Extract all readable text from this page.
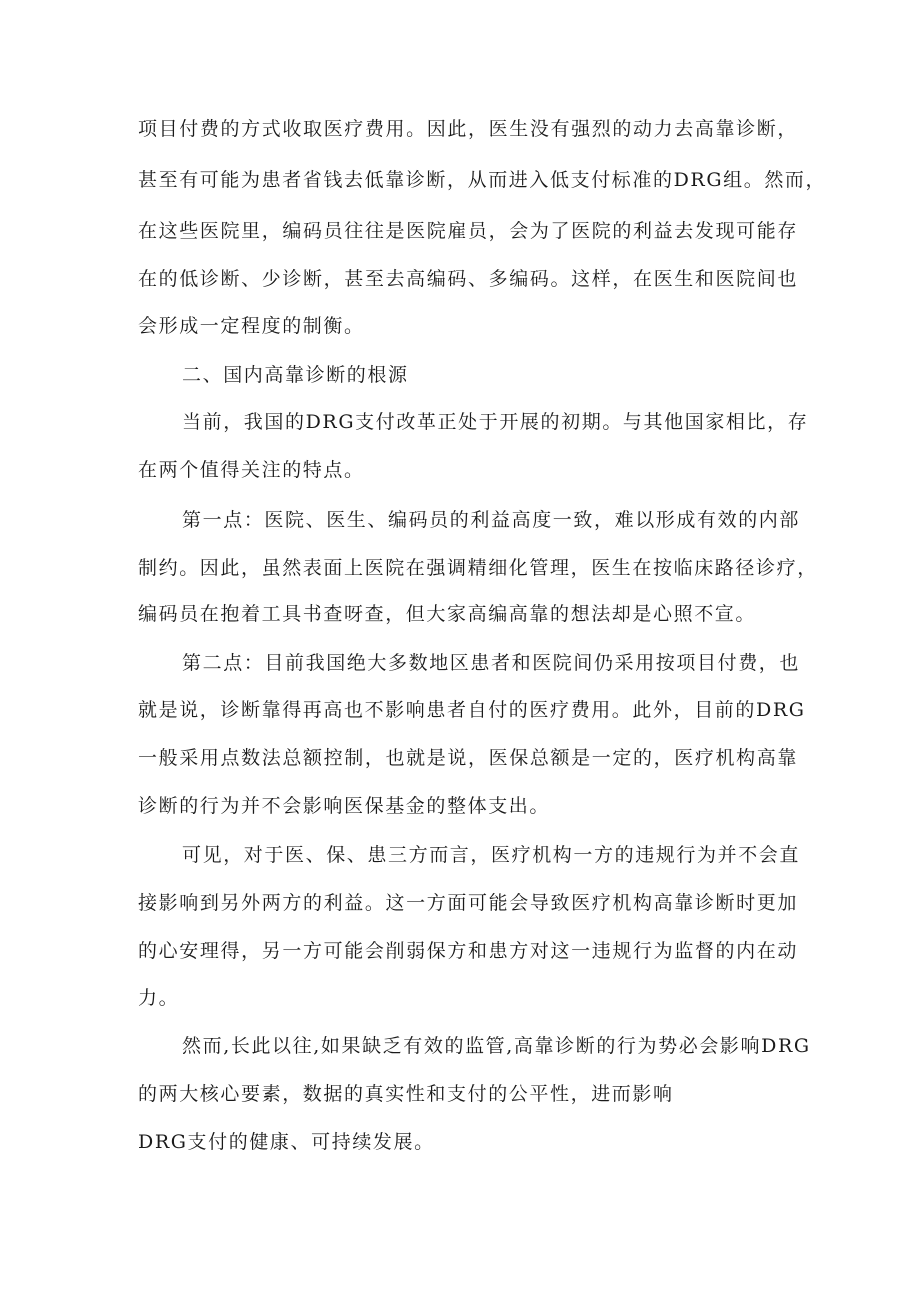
项目付费的方式收取医疗费用。因此，医生没有强烈的动力去高靠诊断，
甚至有可能为患者省钱去低靠诊断，从而进入低支付标准的DRG组。然而，
在这些医院里，编码员往往是医院雇员，会为了医院的利益去发现可能存
在的低诊断、少诊断，甚至去高编码、多编码。这样，在医生和医院间也
会形成一定程度的制衡。
二、国内高靠诊断的根源
当前，我国的DRG支付改革正处于开展的初期。与其他国家相比，存
在两个值得关注的特点。
第一点：医院、医生、编码员的利益高度一致，难以形成有效的内部
制约。因此，虽然表面上医院在强调精细化管理，医生在按临床路径诊疗，
编码员在抱着工具书查呀查，但大家高编高靠的想法却是心照不宣。
第二点：目前我国绝大多数地区患者和医院间仍采用按项目付费，也
就是说，诊断靠得再高也不影响患者自付的医疗费用。此外，目前的DRG
一般采用点数法总额控制，也就是说，医保总额是一定的，医疗机构高靠
诊断的行为并不会影响医保基金的整体支出。
可见，对于医、保、患三方而言，医疗机构一方的违规行为并不会直
接影响到另外两方的利益。这一方面可能会导致医疗机构高靠诊断时更加
的心安理得，另一方可能会削弱保方和患方对这一违规行为监督的内在动
力。
然而,长此以往,如果缺乏有效的监管,高靠诊断的行为势必会影响DRG
的两大核心要素，数据的真实性和支付的公平性，进而影响
DRG支付的健康、可持续发展。
